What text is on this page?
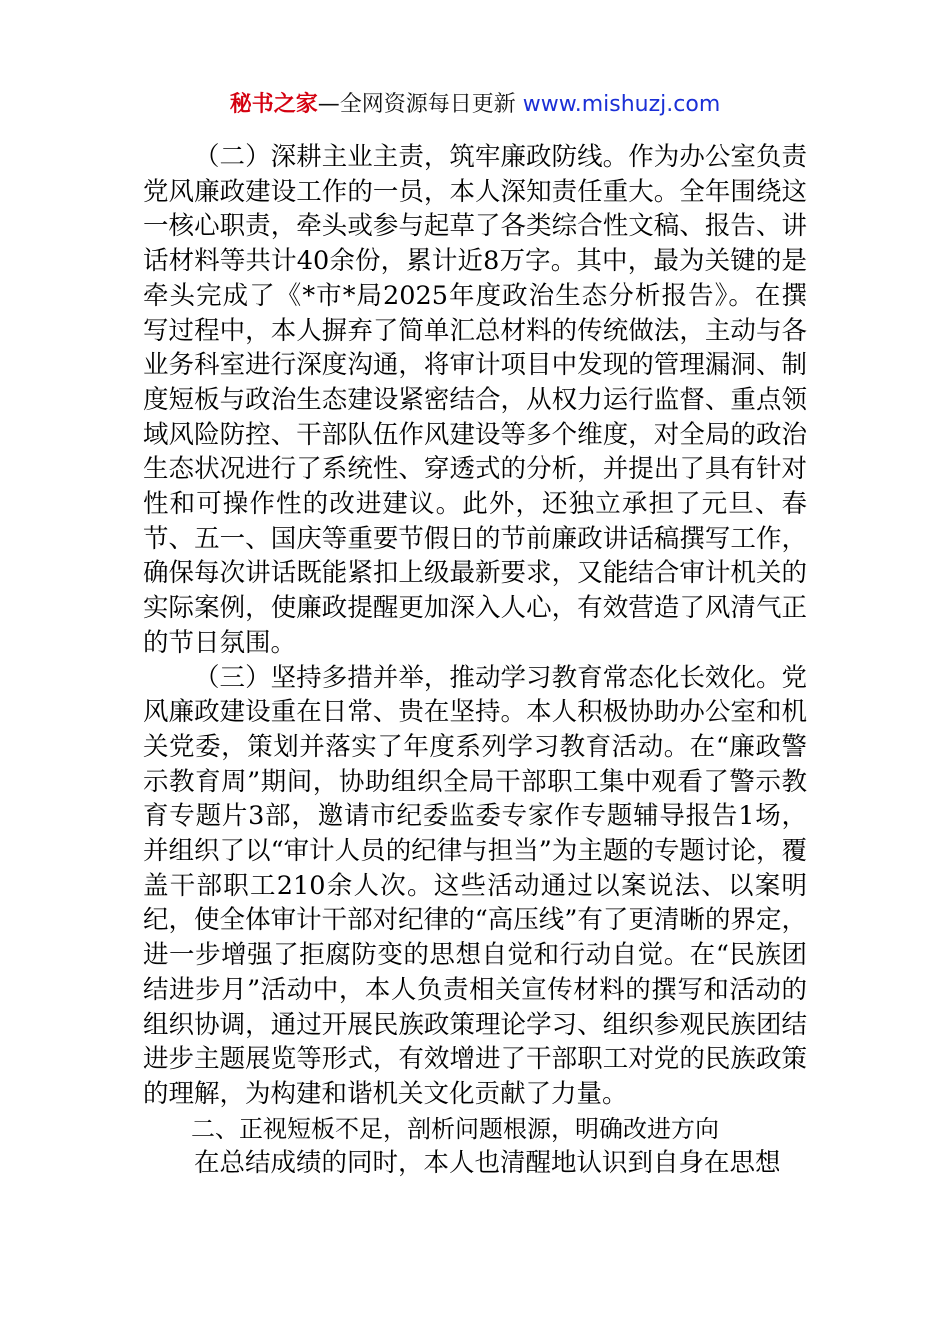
秘书之家—全网资源每日更新 www.mishuzj.com

（二）深耕主业主责，筑牢廉政防线。作为办公室负责党风廉政建设工作的一员，本人深知责任重大。全年围绕这一核心职责，牵头或参与起草了各类综合性文稿、报告、讲话材料等共计40余份，累计近8万字。其中，最为关键的是牵头完成了《*市*局2025年度政治生态分析报告》。在撰写过程中，本人摒弃了简单汇总材料的传统做法，主动与各业务科室进行深度沟通，将审计项目中发现的管理漏洞、制度短板与政治生态建设紧密结合，从权力运行监督、重点领域风险防控、干部队伍作风建设等多个维度，对全局的政治生态状况进行了系统性、穿透式的分析，并提出了具有针对性和可操作性的改进建议。此外，还独立承担了元旦、春节、五一、国庆等重要节假日的节前廉政讲话稿撰写工作，确保每次讲话既能紧扣上级最新要求，又能结合审计机关的实际案例，使廉政提醒更加深入人心，有效营造了风清气正的节日氛围。

（三）坚持多措并举，推动学习教育常态化长效化。党风廉政建设重在日常、贵在坚持。本人积极协助办公室和机关党委，策划并落实了年度系列学习教育活动。在“廉政警示教育周”期间，协助组织全局干部职工集中观看了警示教育专题片3部，邀请市纪委监委专家作专题辅导报告1场，并组织了以“审计人员的纪律与担当”为主题的专题讨论，覆盖干部职工210余人次。这些活动通过以案说法、以案明纪，使全体审计干部对纪律的“高压线”有了更清晰的界定，进一步增强了拒腐防变的思想自觉和行动自觉。在“民族团结进步月”活动中，本人负责相关宣传材料的撰写和活动的组织协调，通过开展民族政策理论学习、组织参观民族团结进步主题展览等形式，有效增进了干部职工对党的民族政策的理解，为构建和谐机关文化贡献了力量。

二、正视短板不足，剖析问题根源，明确改进方向

在总结成绩的同时，本人也清醒地认识到自身在思想
